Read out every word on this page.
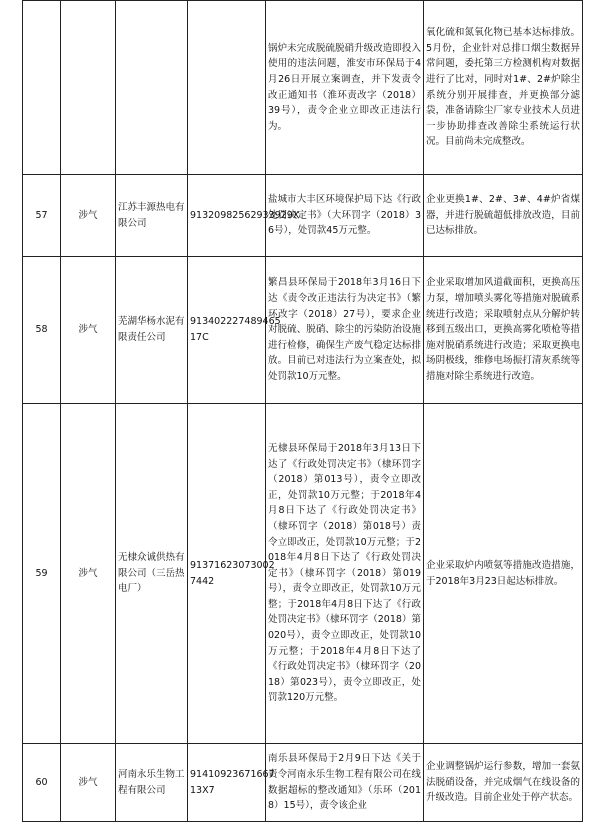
				锅炉未完成脱硫脱硝升级改造即投入使用的违法问题，淮安市环保局于4月26日开展立案调查，并下发责令改正通知书（淮环责改字（2018）39号），责令企业立即改正违法行为。	氧化硫和氮氧化物已基本达标排放。5月份，企业针对总排口烟尘数据异常问题，委托第三方检测机构对数据进行了比对，同时对1#、2#炉除尘系统分别开展排查，并更换部分滤袋，准备请除尘厂家专业技术人员进一步协助排查改善除尘系统运行状况。目前尚未完成整改。
57	涉气	江苏丰源热电有限公司	91320982562933929X	盐城市大丰区环境保护局下达《行政处罚决定书》（大环罚字（2018）36号），处罚款45万元整。	企业更换1#、2#、3#、4#炉省煤器，并进行脱硫超低排放改造，目前已达标排放。
58	涉气	芜湖华杨水泥有限责任公司	913402227489465 17C	繁昌县环保局于2018年3月16日下达《责令改正违法行为决定书》（繁环改字（2018）27号），要求企业对脱硫、脱硝、除尘的污染防治设施进行检修，确保生产废气稳定达标排放。目前已对违法行为立案查处，拟处罚款10万元整。	企业采取增加风道截面积，更换高压力泵，增加喷头雾化等措施对脱硫系统进行改造；采取喷射点从分解炉转移到五级出口，更换高雾化喷枪等措施对脱硝系统进行改造；采取更换电场阴极线，维修电场振打清灰系统等措施对除尘系统进行改造。
59	涉气	无棣众诚供热有限公司（三岳热电厂）	91371623073002 7442	无棣县环保局于2018年3月13日下达了《行政处罚决定书》（棣环罚字（2018）第013号），责令立即改正，处罚款10万元整；于2018年4月8日下达了《行政处罚决定书》（棣环罚字（2018）第018号）责令立即改正，处罚款10万元整；于2018年4月8日下达了《行政处罚决定书》（棣环罚字（2018）第019号），责令立即改正，处罚款10万元整；于2018年4月8日下达了《行政处罚决定书》（棣环罚字（2018）第020号），责令立即改正，处罚款10万元整；于2018年4月8日下达了《行政处罚决定书》（棣环罚字（2018）第023号），责令立即改正，处罚款120万元整。	企业采取炉内喷氨等措施改造措施，于2018年3月23日起达标排放。
60	涉气	河南永乐生物工程有限公司	91410923671667 13X7	南乐县环保局于2月9日下达《关于责令河南永乐生物工程有限公司在线数据超标的整改通知》（乐环（2018）15号），责令该企业	企业调整锅炉运行参数，增加一套氨法脱硝设备，并完成烟气在线设备的升级改造。目前企业处于停产状态。
